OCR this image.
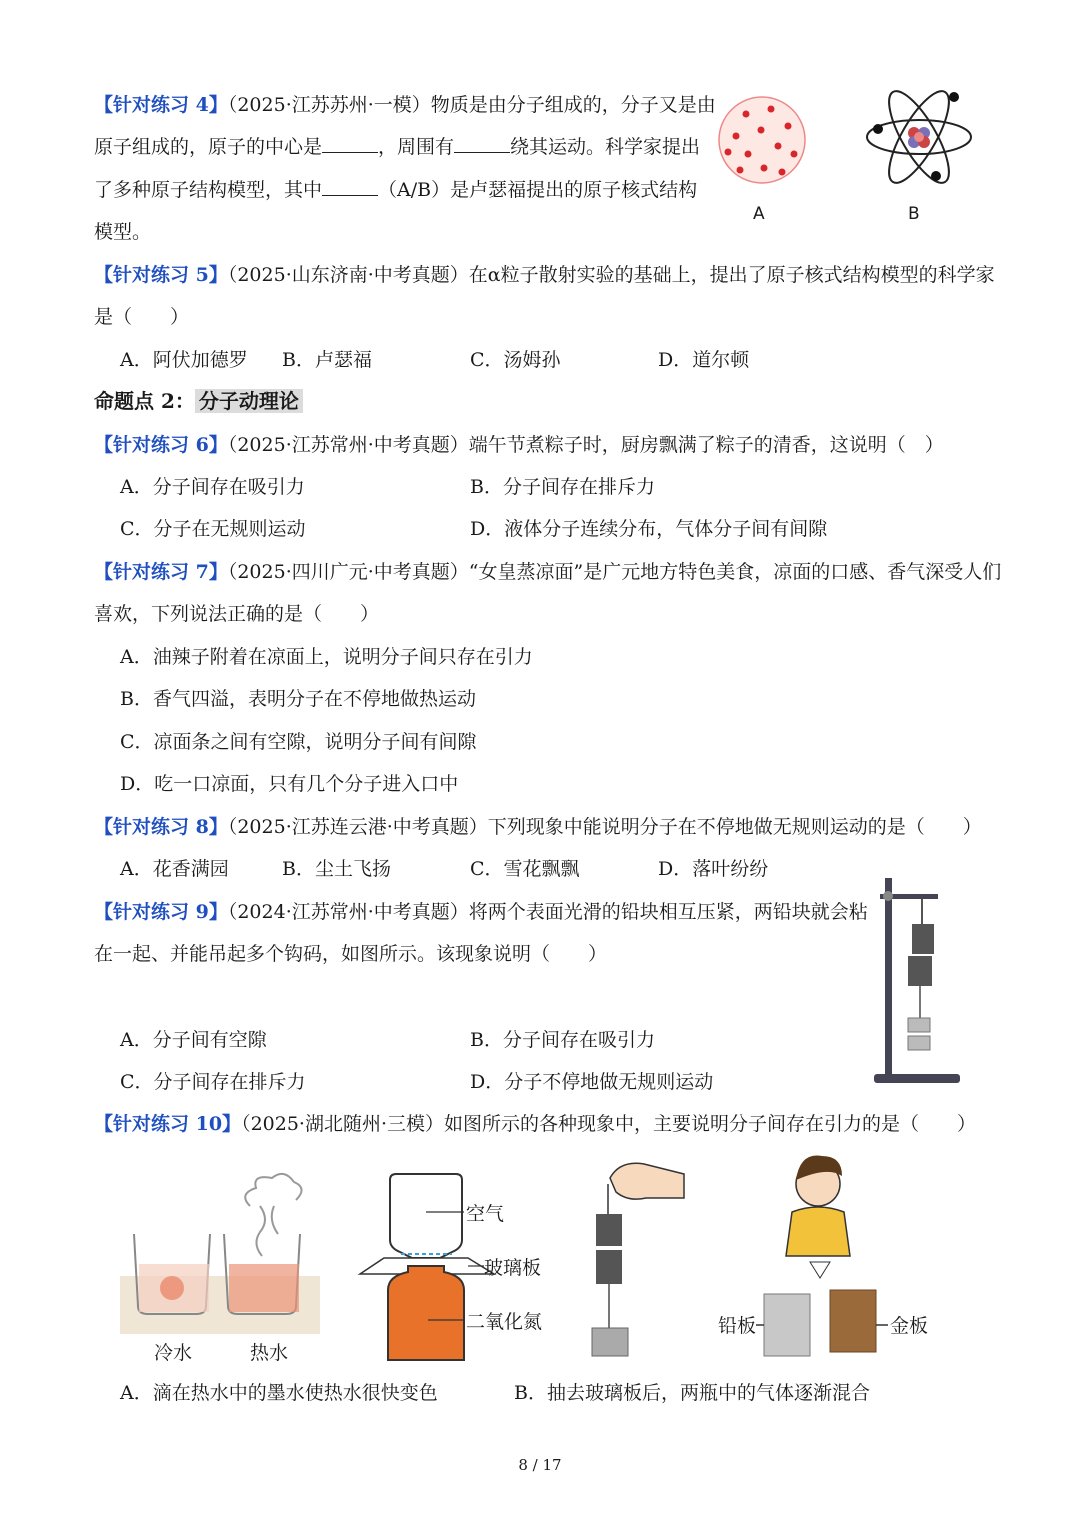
【针对练习 4】（2025·江苏苏州·一模）物质是由分子组成的，分子又是由
原子组成的，原子的中心是	，周围有	绕其运动。科学家提出
了多种原子结构模型，其中	（A/B）是卢瑟福提出的原子核式结构
模型。
A	B
【针对练习 5】（2025·山东济南·中考真题）在α粒子散射实验的基础上，提出了原子核式结构模型的科学家
是（　　）
A．阿伏加德罗 B．卢瑟福	C．汤姆孙	D．道尔顿
命题点 2： 分子动理论
【针对练习 6】（2025·江苏常州·中考真题）端午节煮粽子时，厨房飘满了粽子的清香，这说明（　）
A．分子间存在吸引力	B．分子间存在排斥力
C．分子在无规则运动	D．液体分子连续分布，气体分子间有间隙
【针对练习 7】（2025·四川广元·中考真题）“女皇蒸凉面”是广元地方特色美食，凉面的口感、香气深受人们
喜欢，下列说法正确的是（　　）
A．油辣子附着在凉面上，说明分子间只存在引力
B．香气四溢，表明分子在不停地做热运动
C．凉面条之间有空隙，说明分子间有间隙
D．吃一口凉面，只有几个分子进入口中
【针对练习 8】（2025·江苏连云港·中考真题）下列现象中能说明分子在不停地做无规则运动的是（　　）
A．花香满园	B．尘土飞扬	C．雪花飘飘	D．落叶纷纷
【针对练习 9】（2024·江苏常州·中考真题）将两个表面光滑的铅块相互压紧，两铅块就会粘
在一起、并能吊起多个钩码，如图所示。该现象说明（　　）
A．分子间有空隙	B．分子间存在吸引力
C．分子间存在排斥力	D．分子不停地做无规则运动
【针对练习 10】（2025·湖北随州·三模）如图所示的各种现象中，主要说明分子间存在引力的是（　　）
冷水	热水
空气
玻璃板
二氧化氮	铅板	金板
A．滴在热水中的墨水使热水很快变色	B．抽去玻璃板后，两瓶中的气体逐渐混合
8 / 17
